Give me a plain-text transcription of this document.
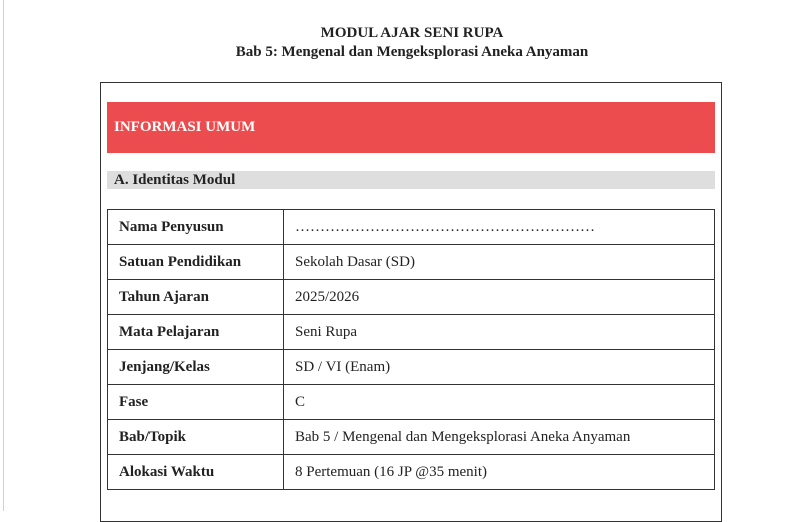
MODUL AJAR SENI RUPA
Bab 5: Mengenal dan Mengeksplorasi Aneka Anyaman
INFORMASI UMUM
A. Identitas Modul
Nama Penyusun	……………………………………………………
Satuan Pendidikan	Sekolah Dasar (SD)
Tahun Ajaran	2025/2026
Mata Pelajaran	Seni Rupa
Jenjang/Kelas	SD / VI (Enam)
Fase	C
Bab/Topik	Bab 5 / Mengenal dan Mengeksplorasi Aneka Anyaman
Alokasi Waktu	8 Pertemuan (16 JP @35 menit)
